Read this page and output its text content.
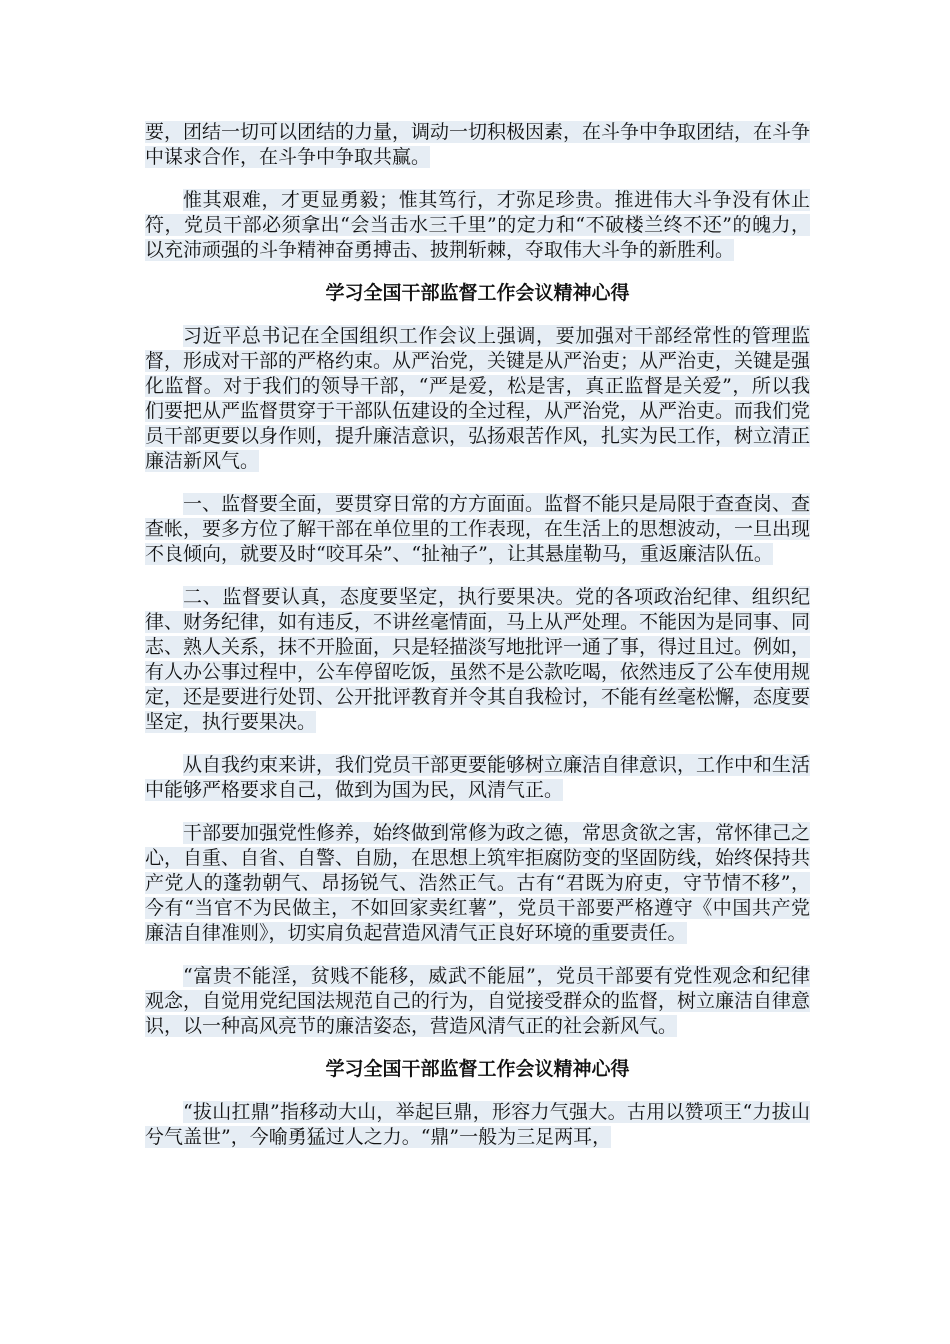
要，团结一切可以团结的力量，调动一切积极因素，在斗争中争取团结，在斗争中谋求合作，在斗争中争取共赢。

惟其艰难，才更显勇毅；惟其笃行，才弥足珍贵。推进伟大斗争没有休止符，党员干部必须拿出“会当击水三千里”的定力和“不破楼兰终不还”的魄力，以充沛顽强的斗争精神奋勇搏击、披荆斩棘，夺取伟大斗争的新胜利。

学习全国干部监督工作会议精神心得

习近平总书记在全国组织工作会议上强调，要加强对干部经常性的管理监督，形成对干部的严格约束。从严治党，关键是从严治吏；从严治吏，关键是强化监督。对于我们的领导干部，“严是爱，松是害，真正监督是关爱”，所以我们要把从严监督贯穿于干部队伍建设的全过程，从严治党，从严治吏。而我们党员干部更要以身作则，提升廉洁意识，弘扬艰苦作风，扎实为民工作，树立清正廉洁新风气。

一、监督要全面，要贯穿日常的方方面面。监督不能只是局限于查查岗、查查帐，要多方位了解干部在单位里的工作表现，在生活上的思想波动，一旦出现不良倾向，就要及时“咬耳朵”、“扯袖子”，让其悬崖勒马，重返廉洁队伍。

二、监督要认真，态度要坚定，执行要果决。党的各项政治纪律、组织纪律、财务纪律，如有违反，不讲丝毫情面，马上从严处理。不能因为是同事、同志、熟人关系，抹不开脸面，只是轻描淡写地批评一通了事，得过且过。例如，有人办公事过程中，公车停留吃饭，虽然不是公款吃喝，依然违反了公车使用规定，还是要进行处罚、公开批评教育并令其自我检讨，不能有丝毫松懈，态度要坚定，执行要果决。

从自我约束来讲，我们党员干部更要能够树立廉洁自律意识，工作中和生活中能够严格要求自己，做到为国为民，风清气正。

干部要加强党性修养，始终做到常修为政之德，常思贪欲之害，常怀律己之心，自重、自省、自警、自励，在思想上筑牢拒腐防变的坚固防线，始终保持共产党人的蓬勃朝气、昂扬锐气、浩然正气。古有“君既为府吏，守节情不移”，今有“当官不为民做主，不如回家卖红薯”，党员干部要严格遵守《中国共产党廉洁自律准则》，切实肩负起营造风清气正良好环境的重要责任。

“富贵不能淫，贫贱不能移，威武不能屈”，党员干部要有党性观念和纪律观念，自觉用党纪国法规范自己的行为，自觉接受群众的监督，树立廉洁自律意识，以一种高风亮节的廉洁姿态，营造风清气正的社会新风气。

学习全国干部监督工作会议精神心得

“拔山扛鼎”指移动大山，举起巨鼎，形容力气强大。古用以赞项王“力拔山兮气盖世”，今喻勇猛过人之力。“鼎”一般为三足两耳，
